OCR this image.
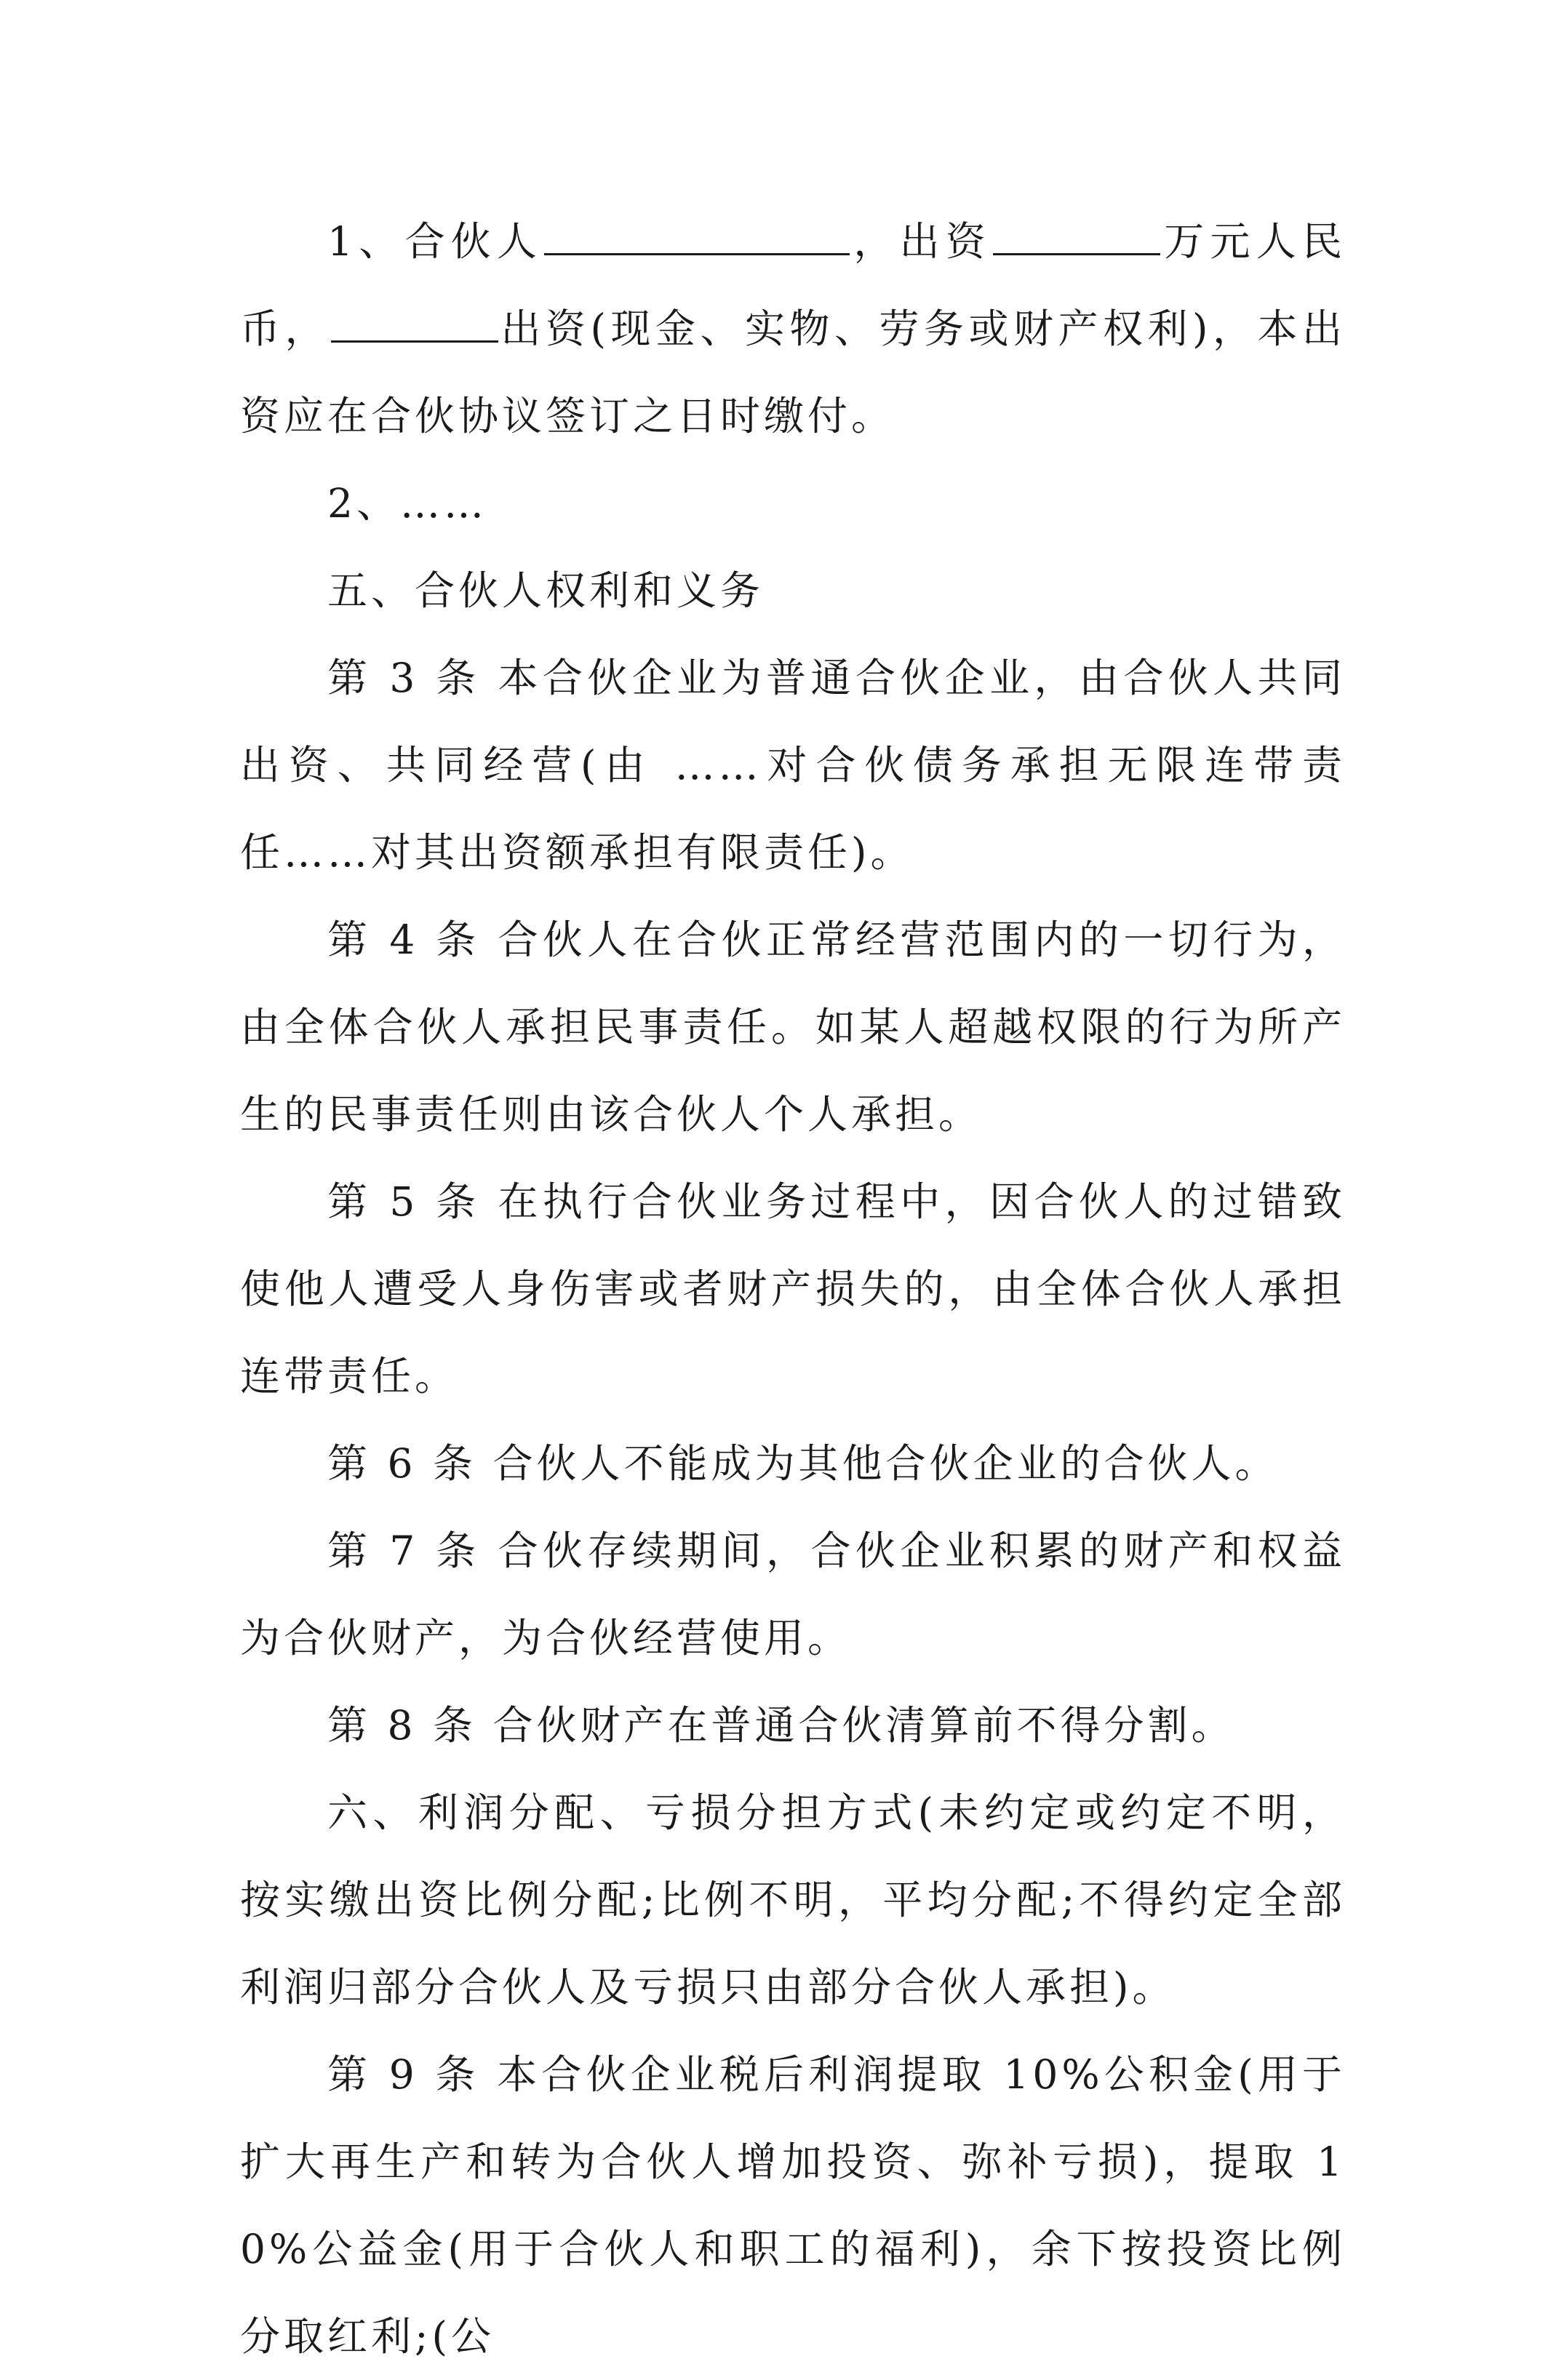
1、合伙人	，出资	万元人民币，	出资(现金、实物、劳务或财产权利)，本出资应在合伙协议签订之日时缴付。

2、……

五、合伙人权利和义务

第 3 条 本合伙企业为普通合伙企业，由合伙人共同出资、共同经营(由 ……对合伙债务承担无限连带责任……对其出资额承担有限责任)。

第 4 条 合伙人在合伙正常经营范围内的一切行为，由全体合伙人承担民事责任。如某人超越权限的行为所产生的民事责任则由该合伙人个人承担。

第 5 条 在执行合伙业务过程中，因合伙人的过错致使他人遭受人身伤害或者财产损失的，由全体合伙人承担连带责任。

第 6 条 合伙人不能成为其他合伙企业的合伙人。

第 7 条 合伙存续期间，合伙企业积累的财产和权益为合伙财产，为合伙经营使用。

第 8 条 合伙财产在普通合伙清算前不得分割。

六、利润分配、亏损分担方式(未约定或约定不明，按实缴出资比例分配;比例不明，平均分配;不得约定全部利润归部分合伙人及亏损只由部分合伙人承担)。

第 9 条 本合伙企业税后利润提取 10%公积金(用于扩大再生产和转为合伙人增加投资、弥补亏损)，提取 10%公益金(用于合伙人和职工的福利)，余下按投资比例分取红利;(公
